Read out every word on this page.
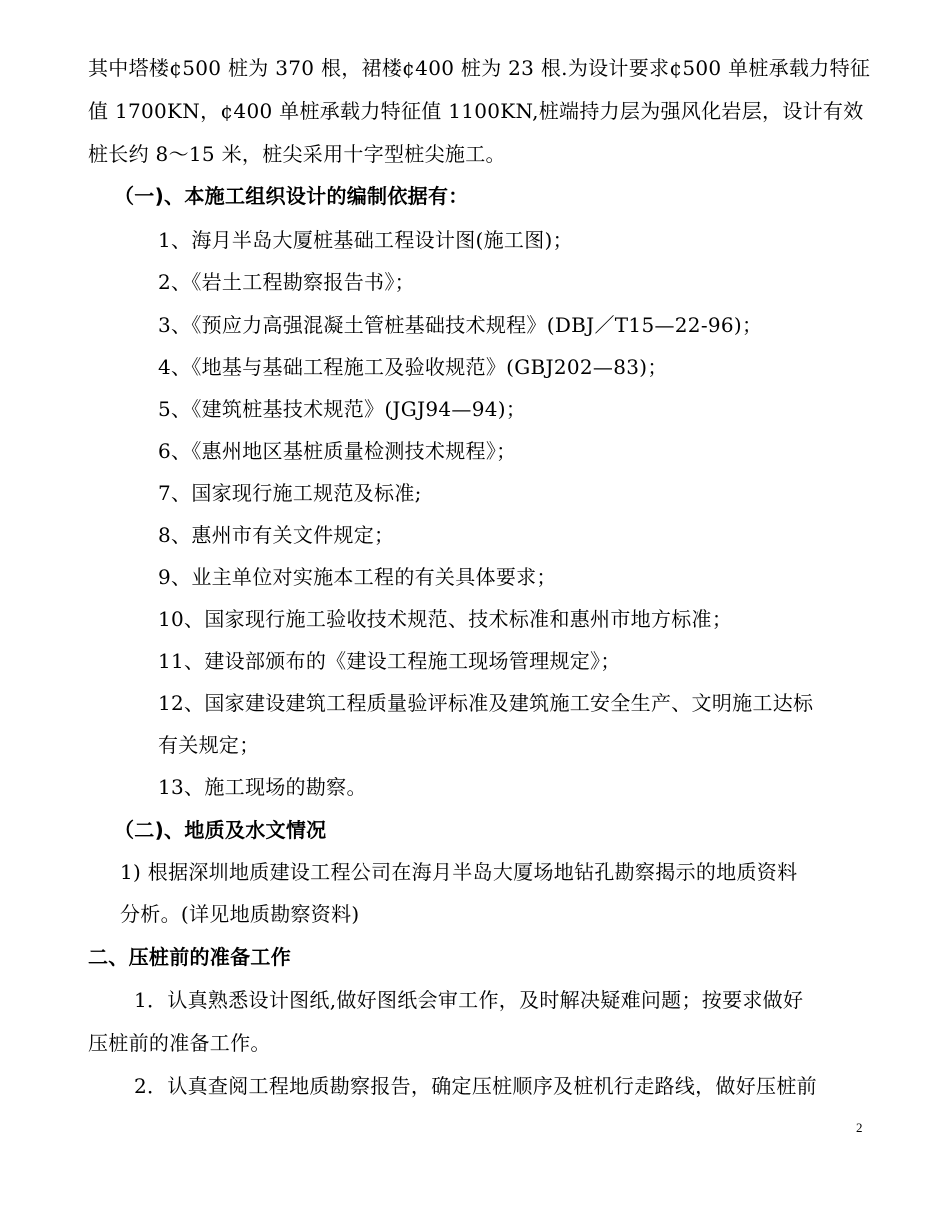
其中塔楼¢500 桩为 370 根，裙楼¢400 桩为 23 根.为设计要求¢500 单桩承载力特征
值 1700KN，¢400 单桩承载力特征值 1100KN,桩端持力层为强风化岩层，设计有效
桩长约 8～15 米，桩尖采用十字型桩尖施工。
（一)、本施工组织设计的编制依据有：
1、海月半岛大厦桩基础工程设计图(施工图)；
2、《岩土工程勘察报告书》；
3、《预应力高强混凝土管桩基础技术规程》(DBJ／T15—22-96)；
4、《地基与基础工程施工及验收规范》(GBJ202—83)；
5、《建筑桩基技术规范》(JGJ94—94)；
6、《惠州地区基桩质量检测技术规程》；
7、国家现行施工规范及标准;
8、惠州市有关文件规定；
9、业主单位对实施本工程的有关具体要求；
10、国家现行施工验收技术规范、技术标准和惠州市地方标准；
11、建设部颁布的《建设工程施工现场管理规定》；
12、国家建设建筑工程质量验评标准及建筑施工安全生产、文明施工达标
有关规定；
13、施工现场的勘察。
（二)、地质及水文情况
1) 根据深圳地质建设工程公司在海月半岛大厦场地钻孔勘察揭示的地质资料
分析。(详见地质勘察资料)
二、压桩前的准备工作
1．认真熟悉设计图纸,做好图纸会审工作，及时解决疑难问题；按要求做好
压桩前的准备工作。
2．认真查阅工程地质勘察报告，确定压桩顺序及桩机行走路线，做好压桩前
2
